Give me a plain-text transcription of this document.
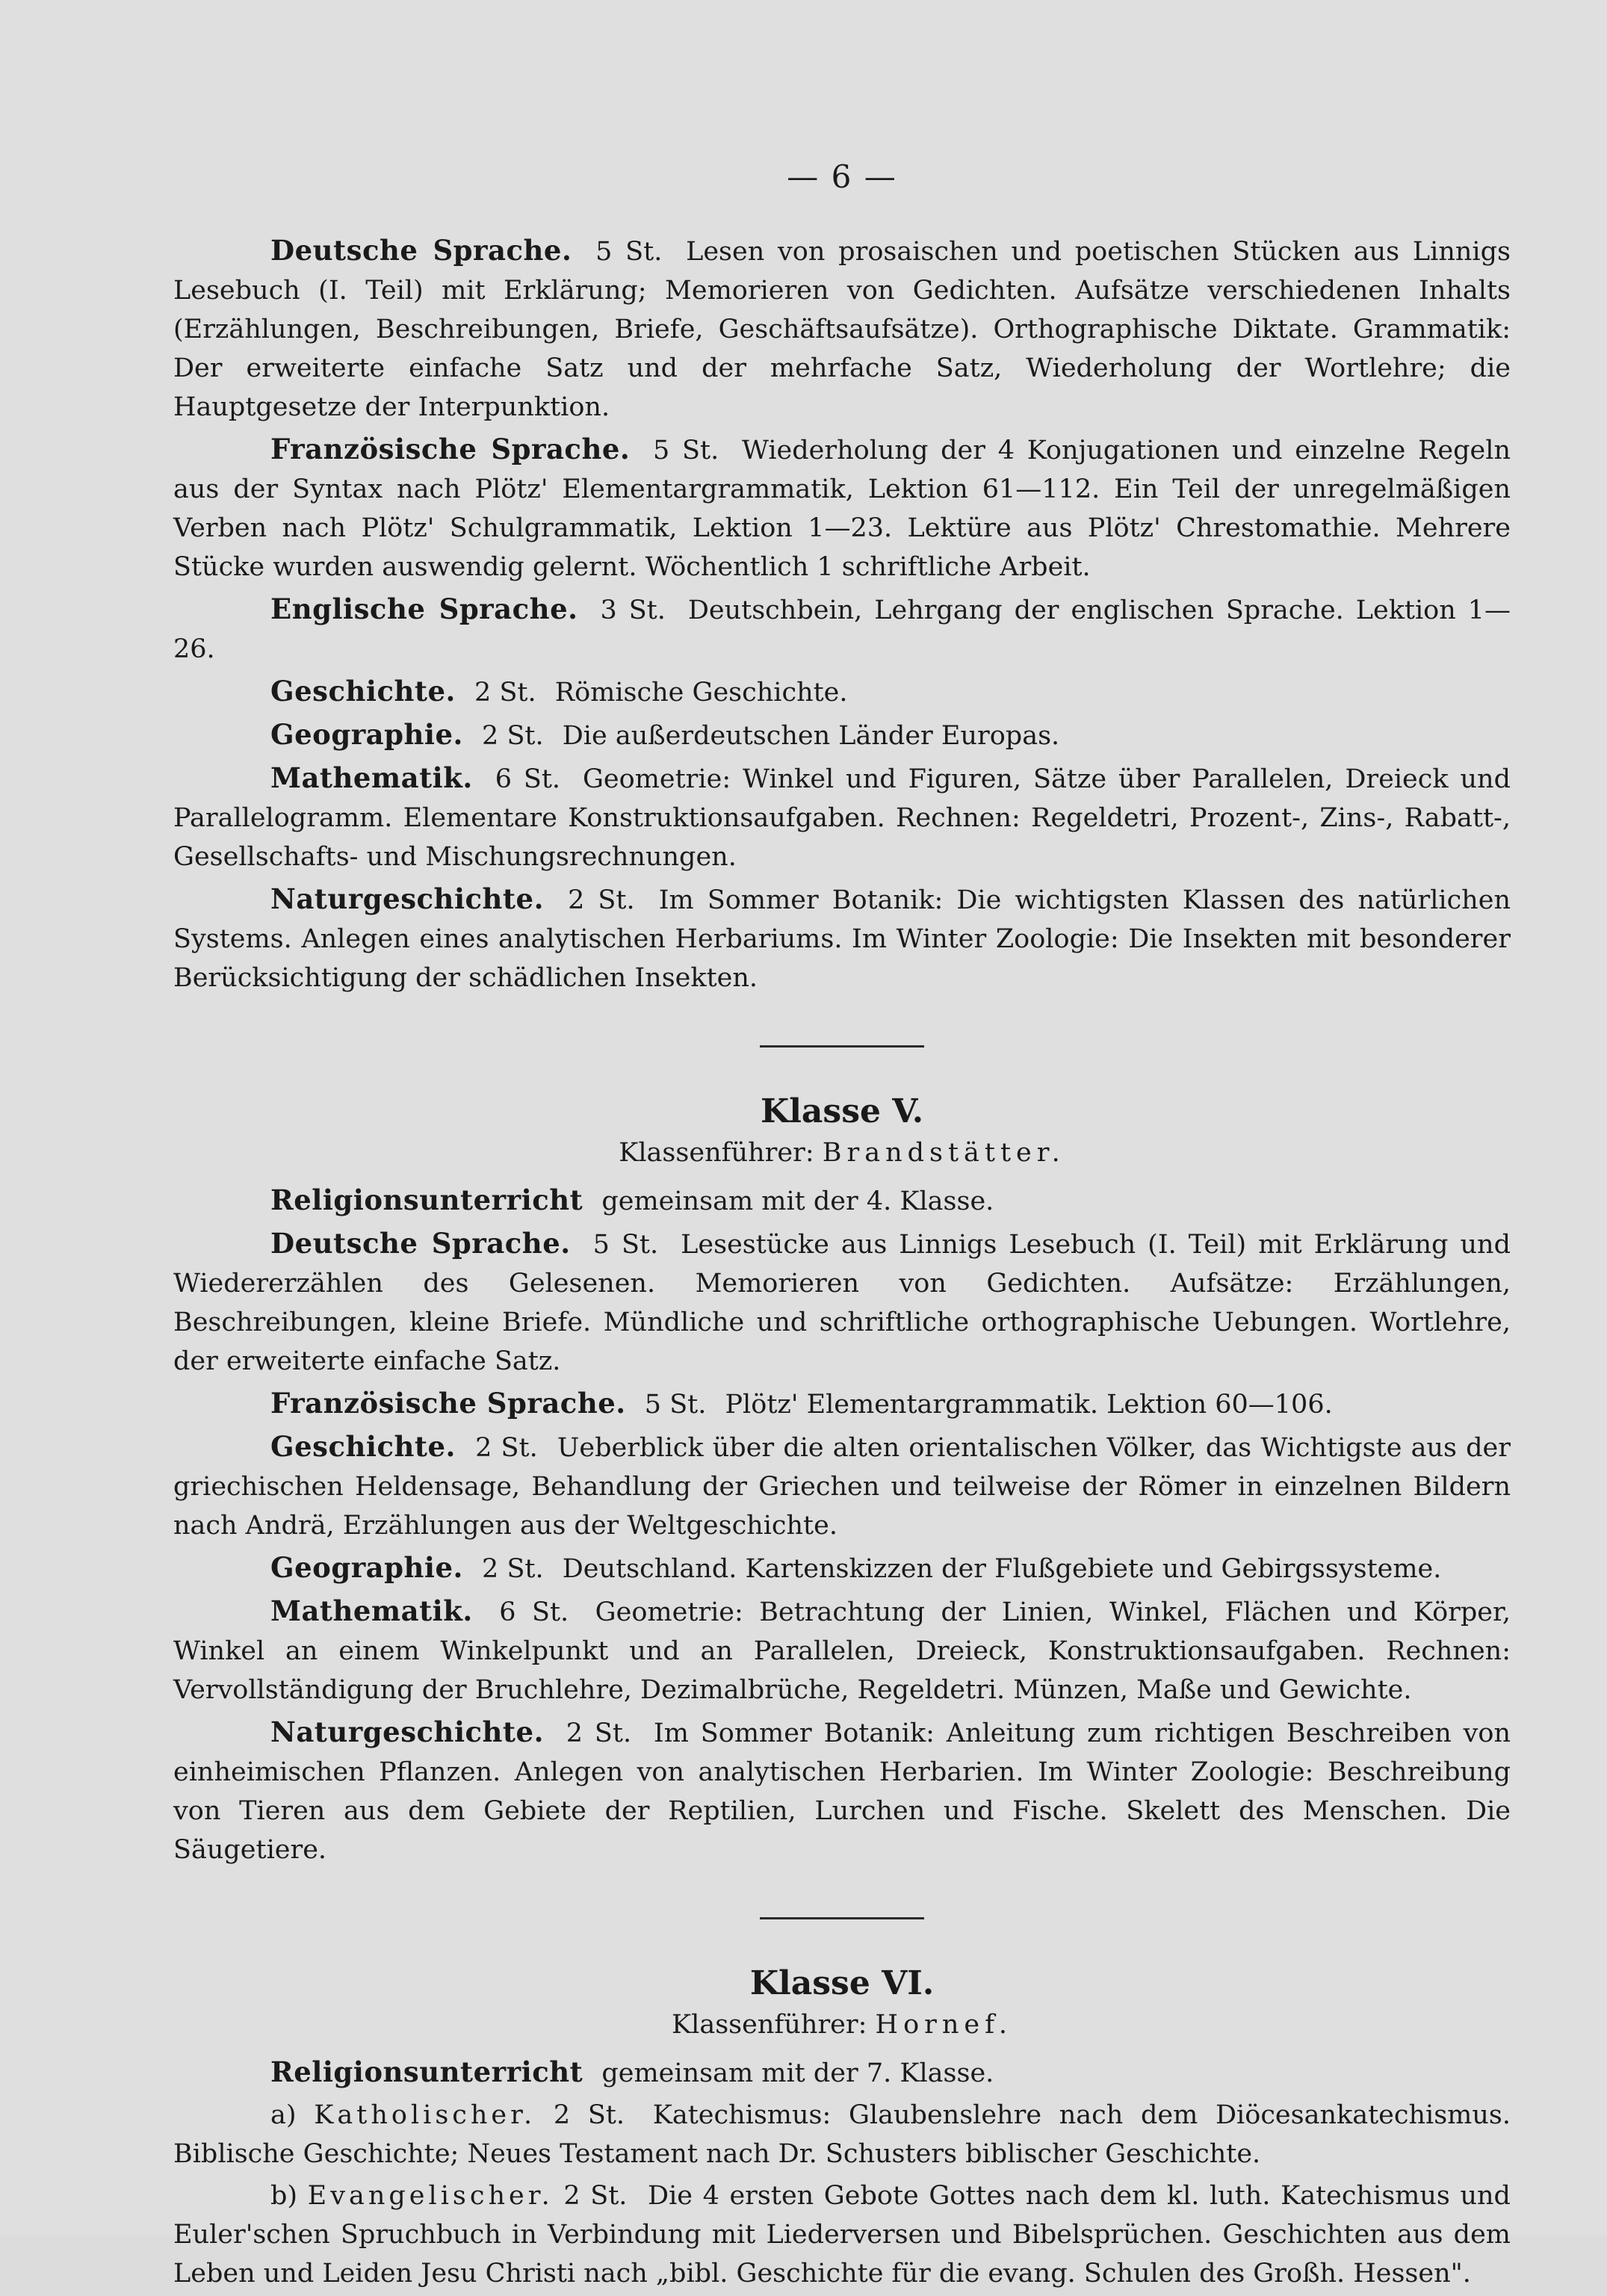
— 6 —

Deutsche Sprache. 5 St. Lesen von prosaischen und poetischen Stücken aus Linnigs Lesebuch (I. Teil) mit Erklärung; Memorieren von Gedichten. Aufsätze verschiedenen Inhalts (Erzählungen, Beschreibungen, Briefe, Geschäftsaufsätze). Orthographische Diktate. Grammatik: Der erweiterte einfache Satz und der mehrfache Satz, Wiederholung der Wortlehre; die Hauptgesetze der Interpunktion.

Französische Sprache. 5 St. Wiederholung der 4 Konjugationen und einzelne Regeln aus der Syntax nach Plötz' Elementargrammatik, Lektion 61—112. Ein Teil der unregelmäßigen Verben nach Plötz' Schulgrammatik, Lektion 1—23. Lektüre aus Plötz' Chrestomathie. Mehrere Stücke wurden auswendig gelernt. Wöchentlich 1 schriftliche Arbeit.

Englische Sprache. 3 St. Deutschbein, Lehrgang der englischen Sprache. Lektion 1—26.

Geschichte. 2 St. Römische Geschichte.

Geographie. 2 St. Die außerdeutschen Länder Europas.

Mathematik. 6 St. Geometrie: Winkel und Figuren, Sätze über Parallelen, Dreieck und Parallelogramm. Elementare Konstruktionsaufgaben. Rechnen: Regeldetri, Prozent-, Zins-, Rabatt-, Gesellschafts- und Mischungsrechnungen.

Naturgeschichte. 2 St. Im Sommer Botanik: Die wichtigsten Klassen des natürlichen Systems. Anlegen eines analytischen Herbariums. Im Winter Zoologie: Die Insekten mit besonderer Berücksichtigung der schädlichen Insekten.

Klasse V.
Klassenführer: Brandstätter.

Religionsunterricht gemeinsam mit der 4. Klasse.

Deutsche Sprache. 5 St. Lesestücke aus Linnigs Lesebuch (I. Teil) mit Erklärung und Wiedererzählen des Gelesenen. Memorieren von Gedichten. Aufsätze: Erzählungen, Beschreibungen, kleine Briefe. Mündliche und schriftliche orthographische Uebungen. Wortlehre, der erweiterte einfache Satz.

Französische Sprache. 5 St. Plötz' Elementargrammatik. Lektion 60—106.

Geschichte. 2 St. Ueberblick über die alten orientalischen Völker, das Wichtigste aus der griechischen Heldensage, Behandlung der Griechen und teilweise der Römer in einzelnen Bildern nach Andrä, Erzählungen aus der Weltgeschichte.

Geographie. 2 St. Deutschland. Kartenskizzen der Flußgebiete und Gebirgssysteme.

Mathematik. 6 St. Geometrie: Betrachtung der Linien, Winkel, Flächen und Körper, Winkel an einem Winkelpunkt und an Parallelen, Dreieck, Konstruktionsaufgaben. Rechnen: Vervollständigung der Bruchlehre, Dezimalbrüche, Regeldetri. Münzen, Maße und Gewichte.

Naturgeschichte. 2 St. Im Sommer Botanik: Anleitung zum richtigen Beschreiben von einheimischen Pflanzen. Anlegen von analytischen Herbarien. Im Winter Zoologie: Beschreibung von Tieren aus dem Gebiete der Reptilien, Lurchen und Fische. Skelett des Menschen. Die Säugetiere.

Klasse VI.
Klassenführer: Hornef.

Religionsunterricht gemeinsam mit der 7. Klasse.

a) Katholischer. 2 St. Katechismus: Glaubenslehre nach dem Diöcesankatechismus. Biblische Geschichte; Neues Testament nach Dr. Schusters biblischer Geschichte.

b) Evangelischer. 2 St. Die 4 ersten Gebote Gottes nach dem kl. luth. Katechismus und Euler'schen Spruchbuch in Verbindung mit Liederversen und Bibelsprüchen. Geschichten aus dem Leben und Leiden Jesu Christi nach „bibl. Geschichte für die evang. Schulen des Großh. Hessen".
